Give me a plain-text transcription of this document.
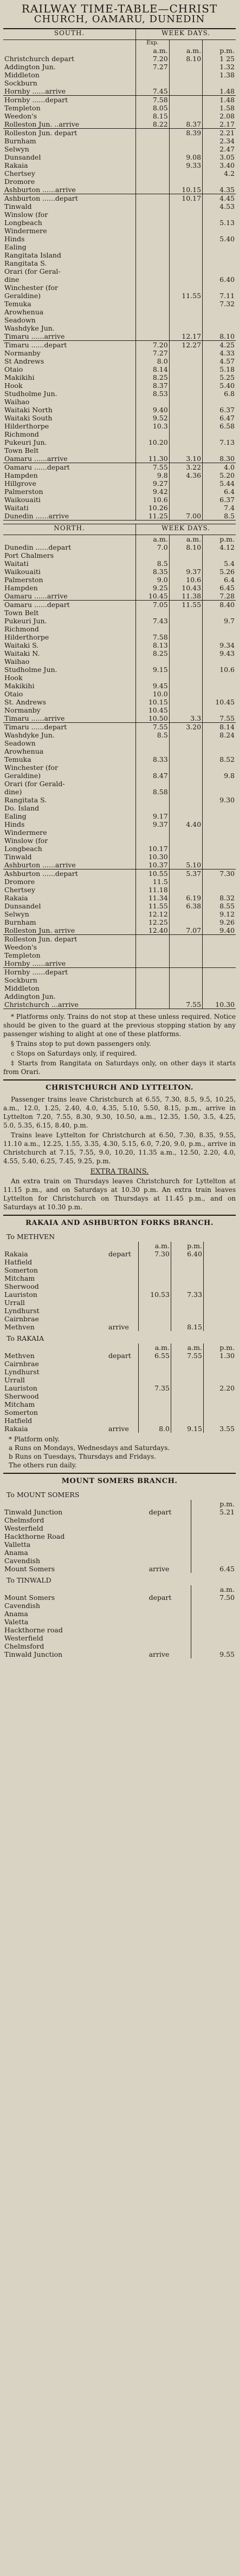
RAILWAY TIME-TABLE—CHRIST
CHURCH, OAMARU, DUNEDIN
SOUTH.	WEEK DAYS.		
	Exp.		
	a.m.	a.m.	p.m.
Christchurch depart	7.20	8.10	1 25
Addington Jun.	7.27		1.32
Middleton			1.38
Sockburn			
Hornby ......arrive	7.45		1.48
Hornby ......depart	7.58		1.48
Templeton	8.05		1.58
Weedon's	8.15		2.08
Rolleston Jun. ..arrive	8.22	8.37	2.17
Rolleston Jun. depart		8.39	2.21
Burnham			2.34
Selwyn			2.47
Dunsandel		9.08	3.05
Rakaia		9.33	3.40
Chertsey			4.2
Dromore			
Ashburton ......arrive		10.15	4.35
Ashburton ......depart		10.17	4.45
Tinwald			4.53
Winslow (for			
Longbeach			5.13
Windermere			
Hinds			5.40
Ealing			
Rangitata Island			
Rangitata S.			
Orari (for Geral-			
dine			6.40
Winchester (for			
Geraldine)		11.55	7.11
Temuka			7.32
Arowhenua			
Seadown			
Washdyke Jun.			
Timaru ......arrive		12.17	8.10
Timaru ......depart	7.20	12.27	4.25
Normanby	7.27		4.33
St Andrews	8.0		4.57
Otaio	8.14		5.18
Makikihi	8.25		5.25
Hook	8.37		5.40
Studholme Jun.	8.53		6.8
Waihao			
Waitaki North	9.40		6.37
Waitaki South	9.52		6.47
Hilderthorpe	10.3		6.58
Richmond			
Pukeuri Jun.	10.20		7.13
Town Belt			
Oamaru ......arrive	11.30	3.10	8.30
Oamaru ......depart	7.55	3.22	4.0
Hampden	9.8	4.36	5.20
Hillgrove	9.27		5.44
Palmerston	9.42		6.4
Waikouaiti	10.6		6.37
Waitati	10.26		7.4
Dunedin ......arrive	11.25	7.00	8.5
NORTH.	WEEK DAYS.		
	a.m.	a.m.	p.m.
Dunedin ......depart	7.0	8.10	4.12
Port Chalmers			
Waitati	8.5		5.4
Waikouaiti	8.35	9.37	5.26
Palmerston	9.0	10.6	6.4
Hampden	9.25	10.43	6.45
Oamaru ......arrive	10.45	11.38	7.28
Oamaru ......depart	7.05	11.55	8.40
Town Belt			
Pukeuri Jun.	7.43		9.7
Richmond			
Hilderthorpe	7.58		
Waitaki S.	8.13		9.34
Waitaki N.	8.25		9.43
Waihao			
Studholme Jun.	9.15		10.6
Hook			
Makikihi	9.45		
Otaio	10.0		
St. Andrews	10.15		10.45
Normanby	10.45		
Timaru ......arrive	10.50	3.3	7.55
Timaru ......depart	7.55	3.20	8.14
Washdyke Jun.	8.5		8.24
Seadown			
Arowhenua			
Temuka	8.33		8.52
Winchester (for			
Geraldine)	8.47		9.8
Orari (for Gerald-			
dine)	8.58		
Rangitata S.			9.30
Do. Island			
Ealing	9.17		
Hinds	9.37	4.40	
Windermere			
Winslow (for			
Longbeach	10.17		
Tinwald	10.30		
Ashburton ......arrive	10.37	5.10	
Ashburton ......depart	10.55	5.37	7.30
Dromore	11.5		
Chertsey	11.18		
Rakaia	11.34	6.19	8.32
Dunsandel	11.55	6.38	8.55
Selwyn	12.12		9.12
Burnham	12.25		9.26
Rolleston Jun. arrive	12.40	7.07	9.40
Rolleston Jun. depart			
Weedon's			
Templeton			
Hornby ......arrive			
Hornby ......depart			
Sockburn			
Middleton			
Addington Jun.			
Christchurch ...arrive		7.55	10.30
* Platforms only. Trains do not stop at these unless required. Notice should be given to the guard at the previous stopping station by any passenger wishing to alight at one of these platforms.
§ Trains stop to put down passengers only.
c Stops on Saturdays only, if required.
‡ Starts from Rangitata on Saturdays only, on other days it starts from Orari.
CHRISTCHURCH AND LYTTELTON.
Passenger trains leave Christchurch at 6.55, 7.30, 8.5, 9.5, 10.25, a.m., 12.0, 1.25, 2.40, 4.0, 4.35, 5.10, 5.50, 8.15, p.m., arrive in Lyttelton 7.20, 7.55, 8.30, 9.30, 10.50, a.m., 12.35, 1.50, 3.5, 4.25, 5.0, 5.35, 6.15, 8.40, p.m.
Trains leave Lyttelton for Christchurch at 6.50, 7.30, 8.35, 9.55, 11.10 a.m., 12.25, 1.55, 3.35, 4.30, 5.15, 6.0, 7.20, 9.0, p.m., arrive in Christchurch at 7.15, 7.55, 9.0, 10.20, 11.35 a.m., 12.50, 2.20, 4.0, 4.55, 5.40, 6.25, 7.45, 9.25, p.m.
EXTRA TRAINS.
An extra train on Thursdays leaves Christchurch for Lyttelton at 11.15 p.m., and on Saturdays at 10.30 p.m. An extra train leaves Lyttelton for Christchurch on Thursdays at 11.45 p.m., and on Saturdays at 10.30 p.m.
RAKAIA AND ASHBURTON FORKS BRANCH.
To METHVEN
		a.m.	p.m.	
Rakaia	depart	7.30	6.40	
Hatfield				
Somerton				
Mitcham				
Sherwood				
Lauriston		10.53	7.33	
Urrall				
Lyndhurst				
Cairnbrae				
Methven	arrive		8.15	
To RAKAIA
		a.m.	a.m.	p.m.
Methven	depart	6.55	7.55	1.30
Cairnbrae				
Lyndhurst				
Urrall				
Lauriston		7.35		2.20
Sherwood				
Mitcham				
Somerton				
Hatfield				
Rakaia	arrive	8.0	9.15	3.55
* Platform only.
a Runs on Mondays, Wednesdays and Saturdays.
b Runs on Tuesdays, Thursdays and Fridays.
The others run daily.
MOUNT SOMERS BRANCH.
To MOUNT SOMERS
		p.m.
Tinwald Junction	depart	5.21
Chelmsford		
Westerfield		
Hackthorne Road		
Valletta		
Anama		
Cavendish		
Mount Somers	arrive	6.45
To TINWALD
		a.m.
Mount Somers	depart	7.50
Cavendish		
Anama		
Valetta		
Hackthorne road		
Westerfield		
Chelmsford		
Tinwald Junction	arrive	9.55
